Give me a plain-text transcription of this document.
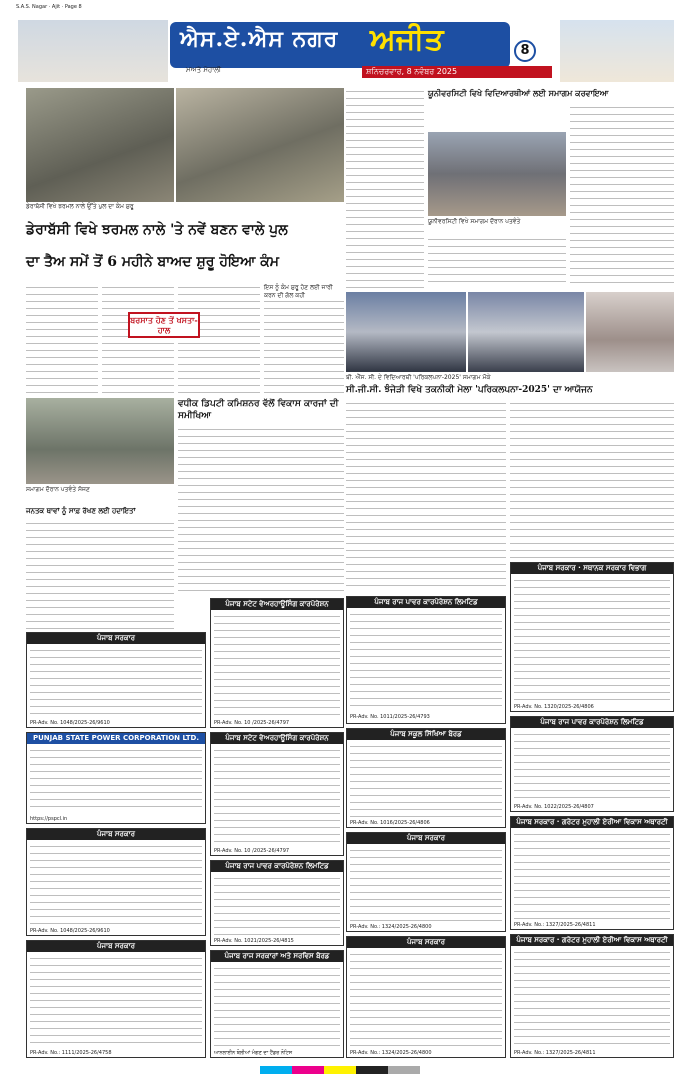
S.A.S. Nagar · Ajit · Page 8
ਐਸ.ਏ.ਐਸ ਨਗਰ	ਅਜੀਤ	8
ਸ਼ਨਿਚਰਵਾਰ, 8 ਨਵੰਬਰ 2025
ਮਅਤੇ ਮੋਹਾਲੀ
ਡੇਰਾਬੱਸੀ ਵਿਖੇ ਝਰਮਲ ਨਾਲੇ ਉੱਤੇ ਪੁਲ ਦਾ ਕੰਮ ਸ਼ੁਰੂ
ਡੇਰਾਬੱਸੀ ਵਿਖੇ ਝਰਮਲ ਨਾਲੇ 'ਤੇ ਨਵੇਂ ਬਣਨ ਵਾਲੇ ਪੁਲ
ਦਾ ਤੈਅ ਸਮੇਂ ਤੋਂ 6 ਮਹੀਨੇ ਬਾਅਦ ਸ਼ੁਰੂ ਹੋਇਆ ਕੰਮ
ਬਰਸਾਤ ਹੋਣ ਤੋਂ ਖਸਤਾ-ਹਾਲ
ਇਸ ਨੂੰ ਕੰਮ ਸ਼ੁਰੂ ਹੋਣ ਲਈ ਜਾਰੀ ਕਰਨ ਦੀ ਗੱਲ ਕਹੀ
ਯੂਨੀਵਰਸਿਟੀ ਵਿਖੇ ਵਿਦਿਆਰਥੀਆਂ ਲਈ ਸਮਾਗਮ ਕਰਵਾਇਆ
ਯੂਨੀਵਰਸਿਟੀ ਵਿਖੇ ਸਮਾਗਮ ਦੌਰਾਨ ਪਤਵੰਤੇ
ਬੀ. ਐੱਸ. ਸੀ. ਦੇ ਵਿਦਿਆਰਥੀ 'ਪਰਿਕਲਪਨਾ-2025' ਸਮਾਗਮ ਮੌਕੇ
ਸੀ.ਜੀ.ਸੀ. ਝੰਜੇੜੀ ਵਿਖੇ ਤਕਨੀਕੀ ਮੇਲਾ 'ਪਰਿਕਲਪਨਾ-2025' ਦਾ ਆਯੋਜਨ
ਸਮਾਗਮ ਦੌਰਾਨ ਪਤਵੰਤੇ ਸੱਜਣ
ਵਧੀਕ ਡਿਪਟੀ ਕਮਿਸ਼ਨਰ ਵੱਲੋਂ ਵਿਕਾਸ ਕਾਰਜਾਂ ਦੀ ਸਮੀਖਿਆ
ਜਨਤਕ ਥਾਵਾਂ ਨੂੰ ਸਾਫ਼ ਰੱਖਣ ਲਈ ਹਦਾਇਤਾਂ
ਪੰਜਾਬ ਸਰਕਾਰ
PR-Adv. No. 1048/2025-26/9610
ਪੰਜਾਬ ਸਟੇਟ ਵੇਅਰਹਾਊਸਿੰਗ ਕਾਰਪੋਰੇਸ਼ਨ
PR-Adv. No. 10 /2025-26/4797
ਪੰਜਾਬ ਰਾਜ ਪਾਵਰ ਕਾਰਪੋਰੇਸ਼ਨ ਲਿਮਟਿਡ
PR-Adv. No. 1011/2025-26/4793
ਪੰਜਾਬ ਸਰਕਾਰ · ਸਥਾਨਕ ਸਰਕਾਰ ਵਿਭਾਗ
PR-Adv. No. 1320/2025-26/4806
PUNJAB STATE POWER CORPORATION LTD.
https://pspcl.in
ਪੰਜਾਬ ਸਟੇਟ ਵੇਅਰਹਾਊਸਿੰਗ ਕਾਰਪੋਰੇਸ਼ਨ
PR-Adv. No. 10 /2025-26/4797
ਪੰਜਾਬ ਸਕੂਲ ਸਿੱਖਿਆ ਬੋਰਡ
PR-Adv. No. 1016/2025-26/4806
ਪੰਜਾਬ ਰਾਜ ਪਾਵਰ ਕਾਰਪੋਰੇਸ਼ਨ ਲਿਮਟਿਡ
PR-Adv. No. 1022/2025-26/4807
ਪੰਜਾਬ ਸਰਕਾਰ
PR-Adv. No. 1048/2025-26/9610
ਪੰਜਾਬ ਰਾਜ ਪਾਵਰ ਕਾਰਪੋਰੇਸ਼ਨ ਲਿਮਟਿਡ
PR-Adv. No. 1021/2025-26/4815
ਪੰਜਾਬ ਸਰਕਾਰ
PR-Adv. No.: 1324/2025-26/4800
ਪੰਜਾਬ ਸਰਕਾਰ · ਗਰੇਟਰ ਮੁਹਾਲੀ ਏਰੀਆ ਵਿਕਾਸ ਅਥਾਰਟੀ
PR-Adv. No.: 1327/2025-26/4811
ਪੰਜਾਬ ਸਰਕਾਰ
PR-Adv. No.: 1111/2025-26/4758
ਪੰਜਾਬ ਰਾਜ ਸਰਕਾਰਾਂ ਅਤੇ ਸਰਵਿਸ ਬੋਰਡ
ਆਨਲਾਈਨ ਬੋਲੀਆਂ ਮੰਗਣ ਦਾ ਟੈਂਡਰ ਨੋਟਿਸ
ਪੰਜਾਬ ਸਰਕਾਰ
PR-Adv. No.: 1324/2025-26/4800
ਪੰਜਾਬ ਸਰਕਾਰ · ਗਰੇਟਰ ਮੁਹਾਲੀ ਏਰੀਆ ਵਿਕਾਸ ਅਥਾਰਟੀ
PR-Adv. No.: 1327/2025-26/4811
